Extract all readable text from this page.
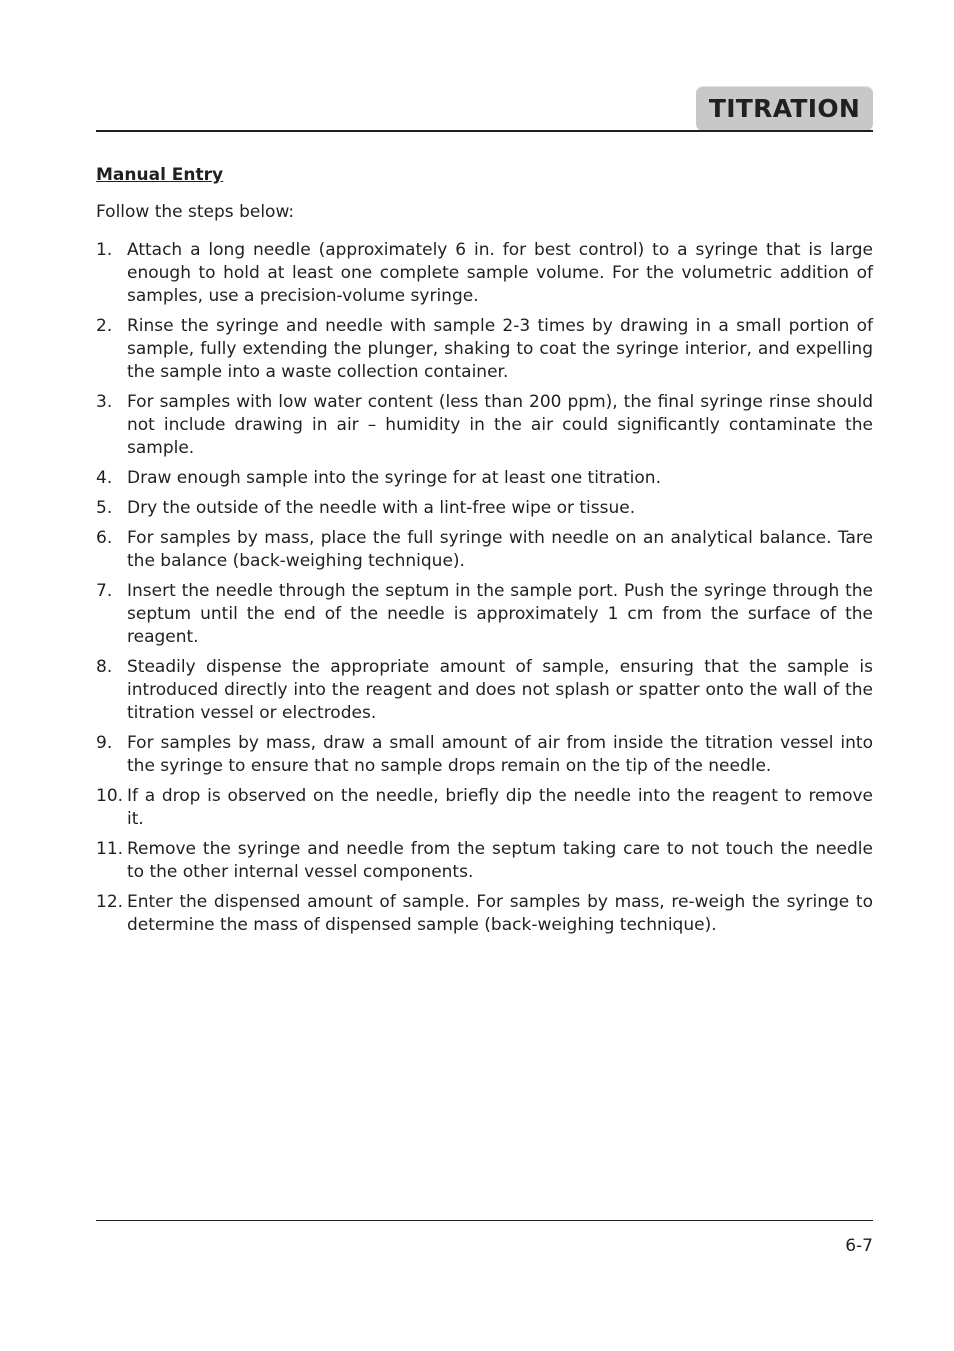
TITRATION

Manual Entry

Follow the steps below:

1. Attach a long needle (approximately 6 in. for best control) to a syringe that is large enough to hold at least one complete sample volume. For the volumetric addition of samples, use a precision-volume syringe.
2. Rinse the syringe and needle with sample 2-3 times by drawing in a small portion of sample, fully extending the plunger, shaking to coat the syringe interior, and expelling the sample into a waste collection container.
3. For samples with low water content (less than 200 ppm), the final syringe rinse should not include drawing in air – humidity in the air could significantly contaminate the sample.
4. Draw enough sample into the syringe for at least one titration.
5. Dry the outside of the needle with a lint-free wipe or tissue.
6. For samples by mass, place the full syringe with needle on an analytical balance. Tare the balance (back-weighing technique).
7. Insert the needle through the septum in the sample port. Push the syringe through the septum until the end of the needle is approximately 1 cm from the surface of the reagent.
8. Steadily dispense the appropriate amount of sample, ensuring that the sample is introduced directly into the reagent and does not splash or spatter onto the wall of the titration vessel or electrodes.
9. For samples by mass, draw a small amount of air from inside the titration vessel into the syringe to ensure that no sample drops remain on the tip of the needle.
10. If a drop is observed on the needle, briefly dip the needle into the reagent to remove it.
11. Remove the syringe and needle from the septum taking care to not touch the needle to the other internal vessel components.
12. Enter the dispensed amount of sample. For samples by mass, re-weigh the syringe to determine the mass of dispensed sample (back-weighing technique).
6-7
